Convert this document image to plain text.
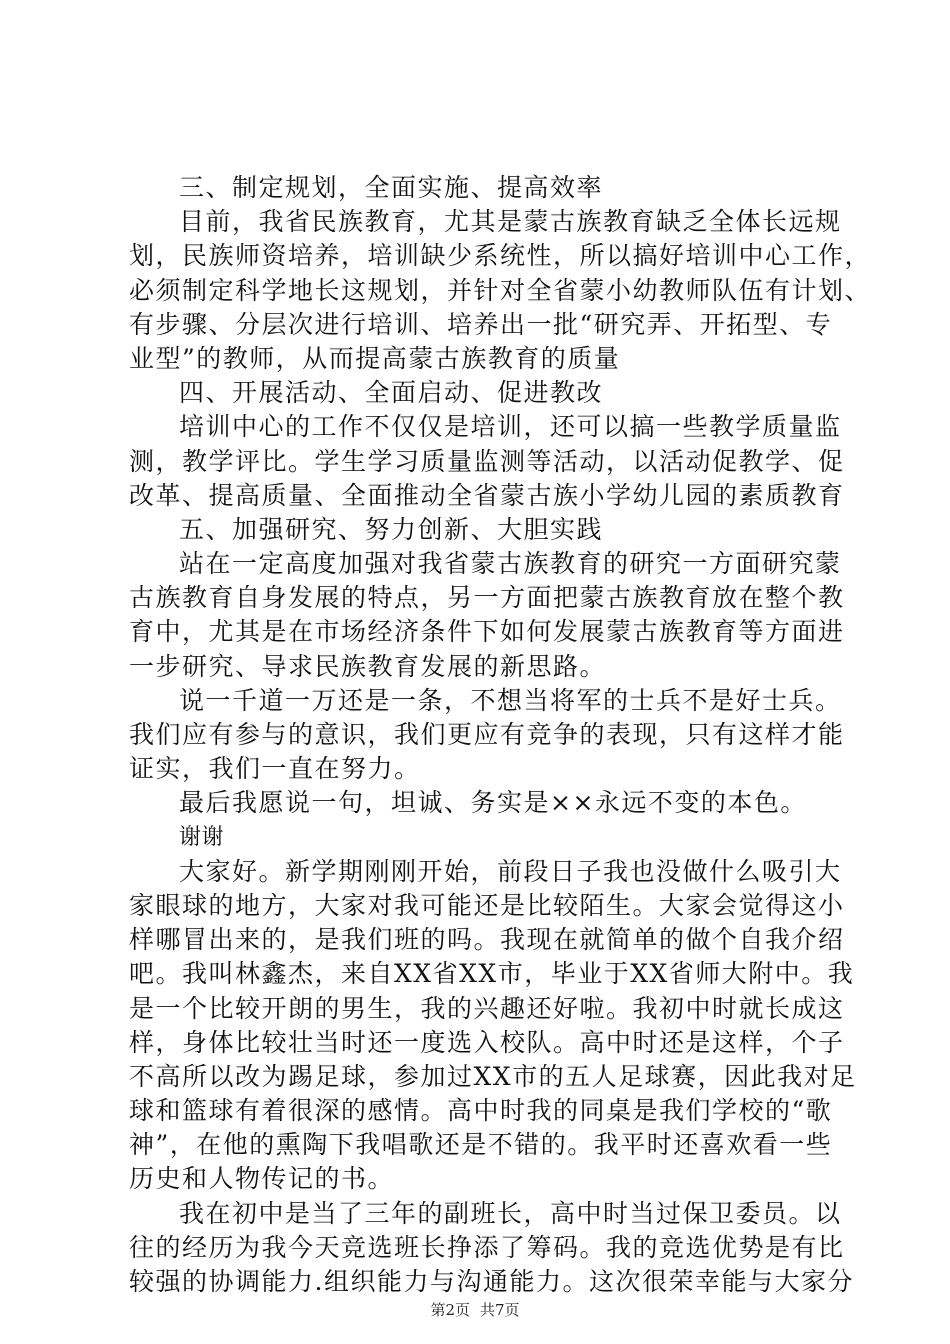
三、制定规划，全面实施、提高效率
目前，我省民族教育，尤其是蒙古族教育缺乏全体长远规
划，民族师资培养，培训缺少系统性，所以搞好培训中心工作，
必须制定科学地长这规划，并针对全省蒙小幼教师队伍有计划、
有步骤、分层次进行培训、培养出一批“研究弄、开拓型、专
业型”的教师，从而提高蒙古族教育的质量
四、开展活动、全面启动、促进教改
培训中心的工作不仅仅是培训，还可以搞一些教学质量监
测，教学评比。学生学习质量监测等活动，以活动促教学、促
改革、提高质量、全面推动全省蒙古族小学幼儿园的素质教育
五、加强研究、努力创新、大胆实践
站在一定高度加强对我省蒙古族教育的研究一方面研究蒙
古族教育自身发展的特点，另一方面把蒙古族教育放在整个教
育中，尤其是在市场经济条件下如何发展蒙古族教育等方面进
一步研究、导求民族教育发展的新思路。
说一千道一万还是一条，不想当将军的士兵不是好士兵。
我们应有参与的意识，我们更应有竞争的表现，只有这样才能
证实，我们一直在努力。
最后我愿说一句，坦诚、务实是××永远不变的本色。
谢谢
大家好。新学期刚刚开始，前段日子我也没做什么吸引大
家眼球的地方，大家对我可能还是比较陌生。大家会觉得这小
样哪冒出来的，是我们班的吗。我现在就简单的做个自我介绍
吧。我叫林鑫杰，来自XX省XX市，毕业于XX省师大附中。我
是一个比较开朗的男生，我的兴趣还好啦。我初中时就长成这
样，身体比较壮当时还一度选入校队。高中时还是这样，个子
不高所以改为踢足球，参加过XX市的五人足球赛，因此我对足
球和篮球有着很深的感情。高中时我的同桌是我们学校的“歌
神”，在他的熏陶下我唱歌还是不错的。我平时还喜欢看一些
历史和人物传记的书。
我在初中是当了三年的副班长，高中时当过保卫委员。以
往的经历为我今天竞选班长挣添了筹码。我的竞选优势是有比
较强的协调能力.组织能力与沟通能力。这次很荣幸能与大家分
第2页 共7页
